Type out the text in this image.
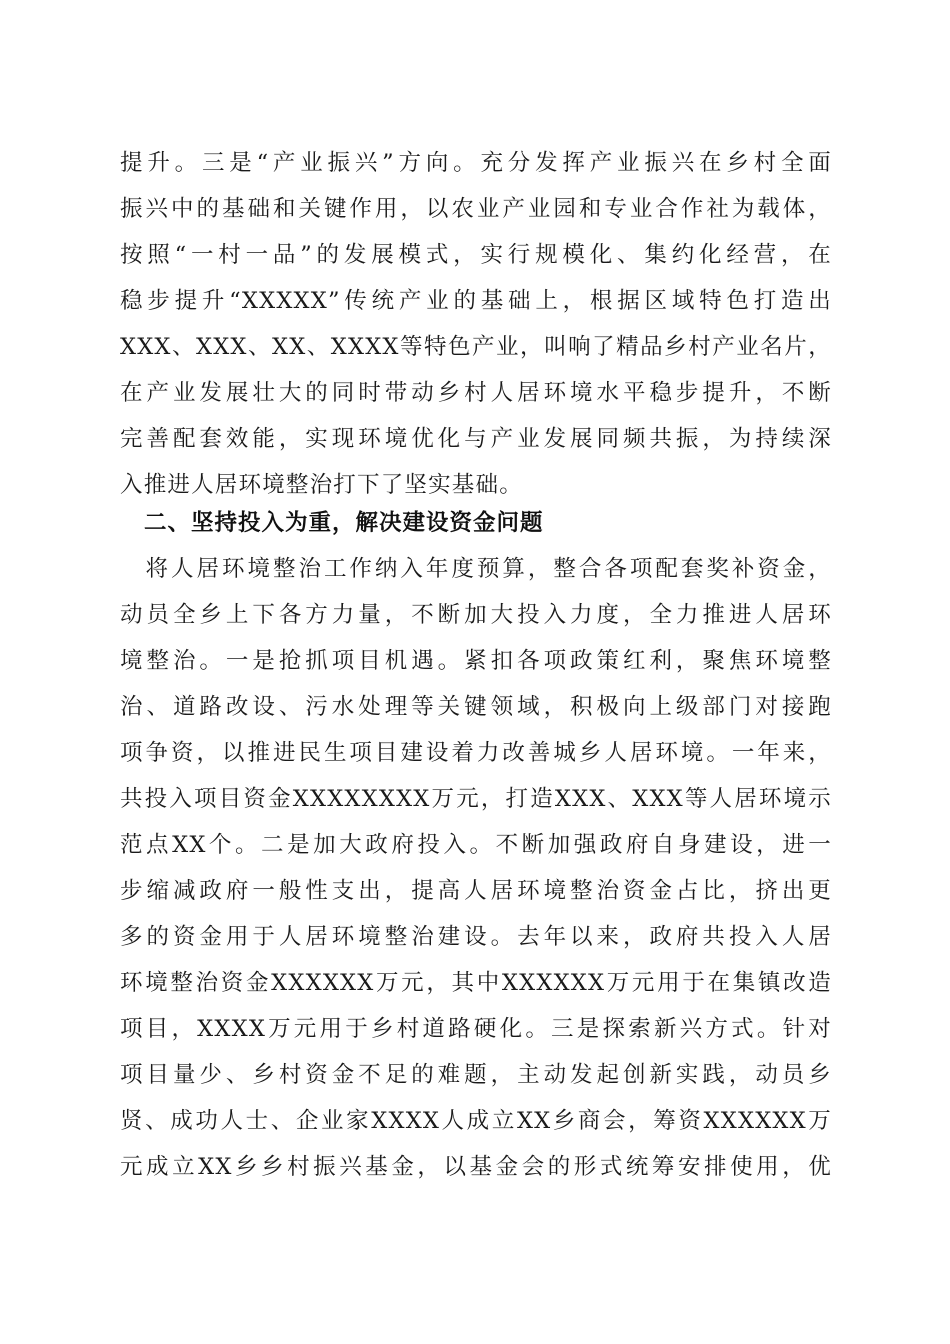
提升。三是“产业振兴”方向。充分发挥产业振兴在乡村全面
振兴中的基础和关键作用，以农业产业园和专业合作社为载体，
按照“一村一品”的发展模式，实行规模化、集约化经营，在
稳步提升“XXXXX”传统产业的基础上，根据区域特色打造出
XXX、XXX、XX、XXXX等特色产业，叫响了精品乡村产业名片，
在产业发展壮大的同时带动乡村人居环境水平稳步提升，不断
完善配套效能，实现环境优化与产业发展同频共振，为持续深
入推进人居环境整治打下了坚实基础。
二、坚持投入为重，解决建设资金问题
　将人居环境整治工作纳入年度预算，整合各项配套奖补资金，
动员全乡上下各方力量，不断加大投入力度，全力推进人居环
境整治。一是抢抓项目机遇。紧扣各项政策红利，聚焦环境整
治、道路改设、污水处理等关键领域，积极向上级部门对接跑
项争资，以推进民生项目建设着力改善城乡人居环境。一年来，
共投入项目资金XXXXXXXX万元，打造XXX、XXX等人居环境示
范点XX个。二是加大政府投入。不断加强政府自身建设，进一
步缩减政府一般性支出，提高人居环境整治资金占比，挤出更
多的资金用于人居环境整治建设。去年以来，政府共投入人居
环境整治资金XXXXXX万元，其中XXXXXX万元用于在集镇改造
项目，XXXX万元用于乡村道路硬化。三是探索新兴方式。针对
项目量少、乡村资金不足的难题，主动发起创新实践，动员乡
贤、成功人士、企业家XXXX人成立XX乡商会，筹资XXXXXX万
元成立XX乡乡村振兴基金，以基金会的形式统筹安排使用，优
